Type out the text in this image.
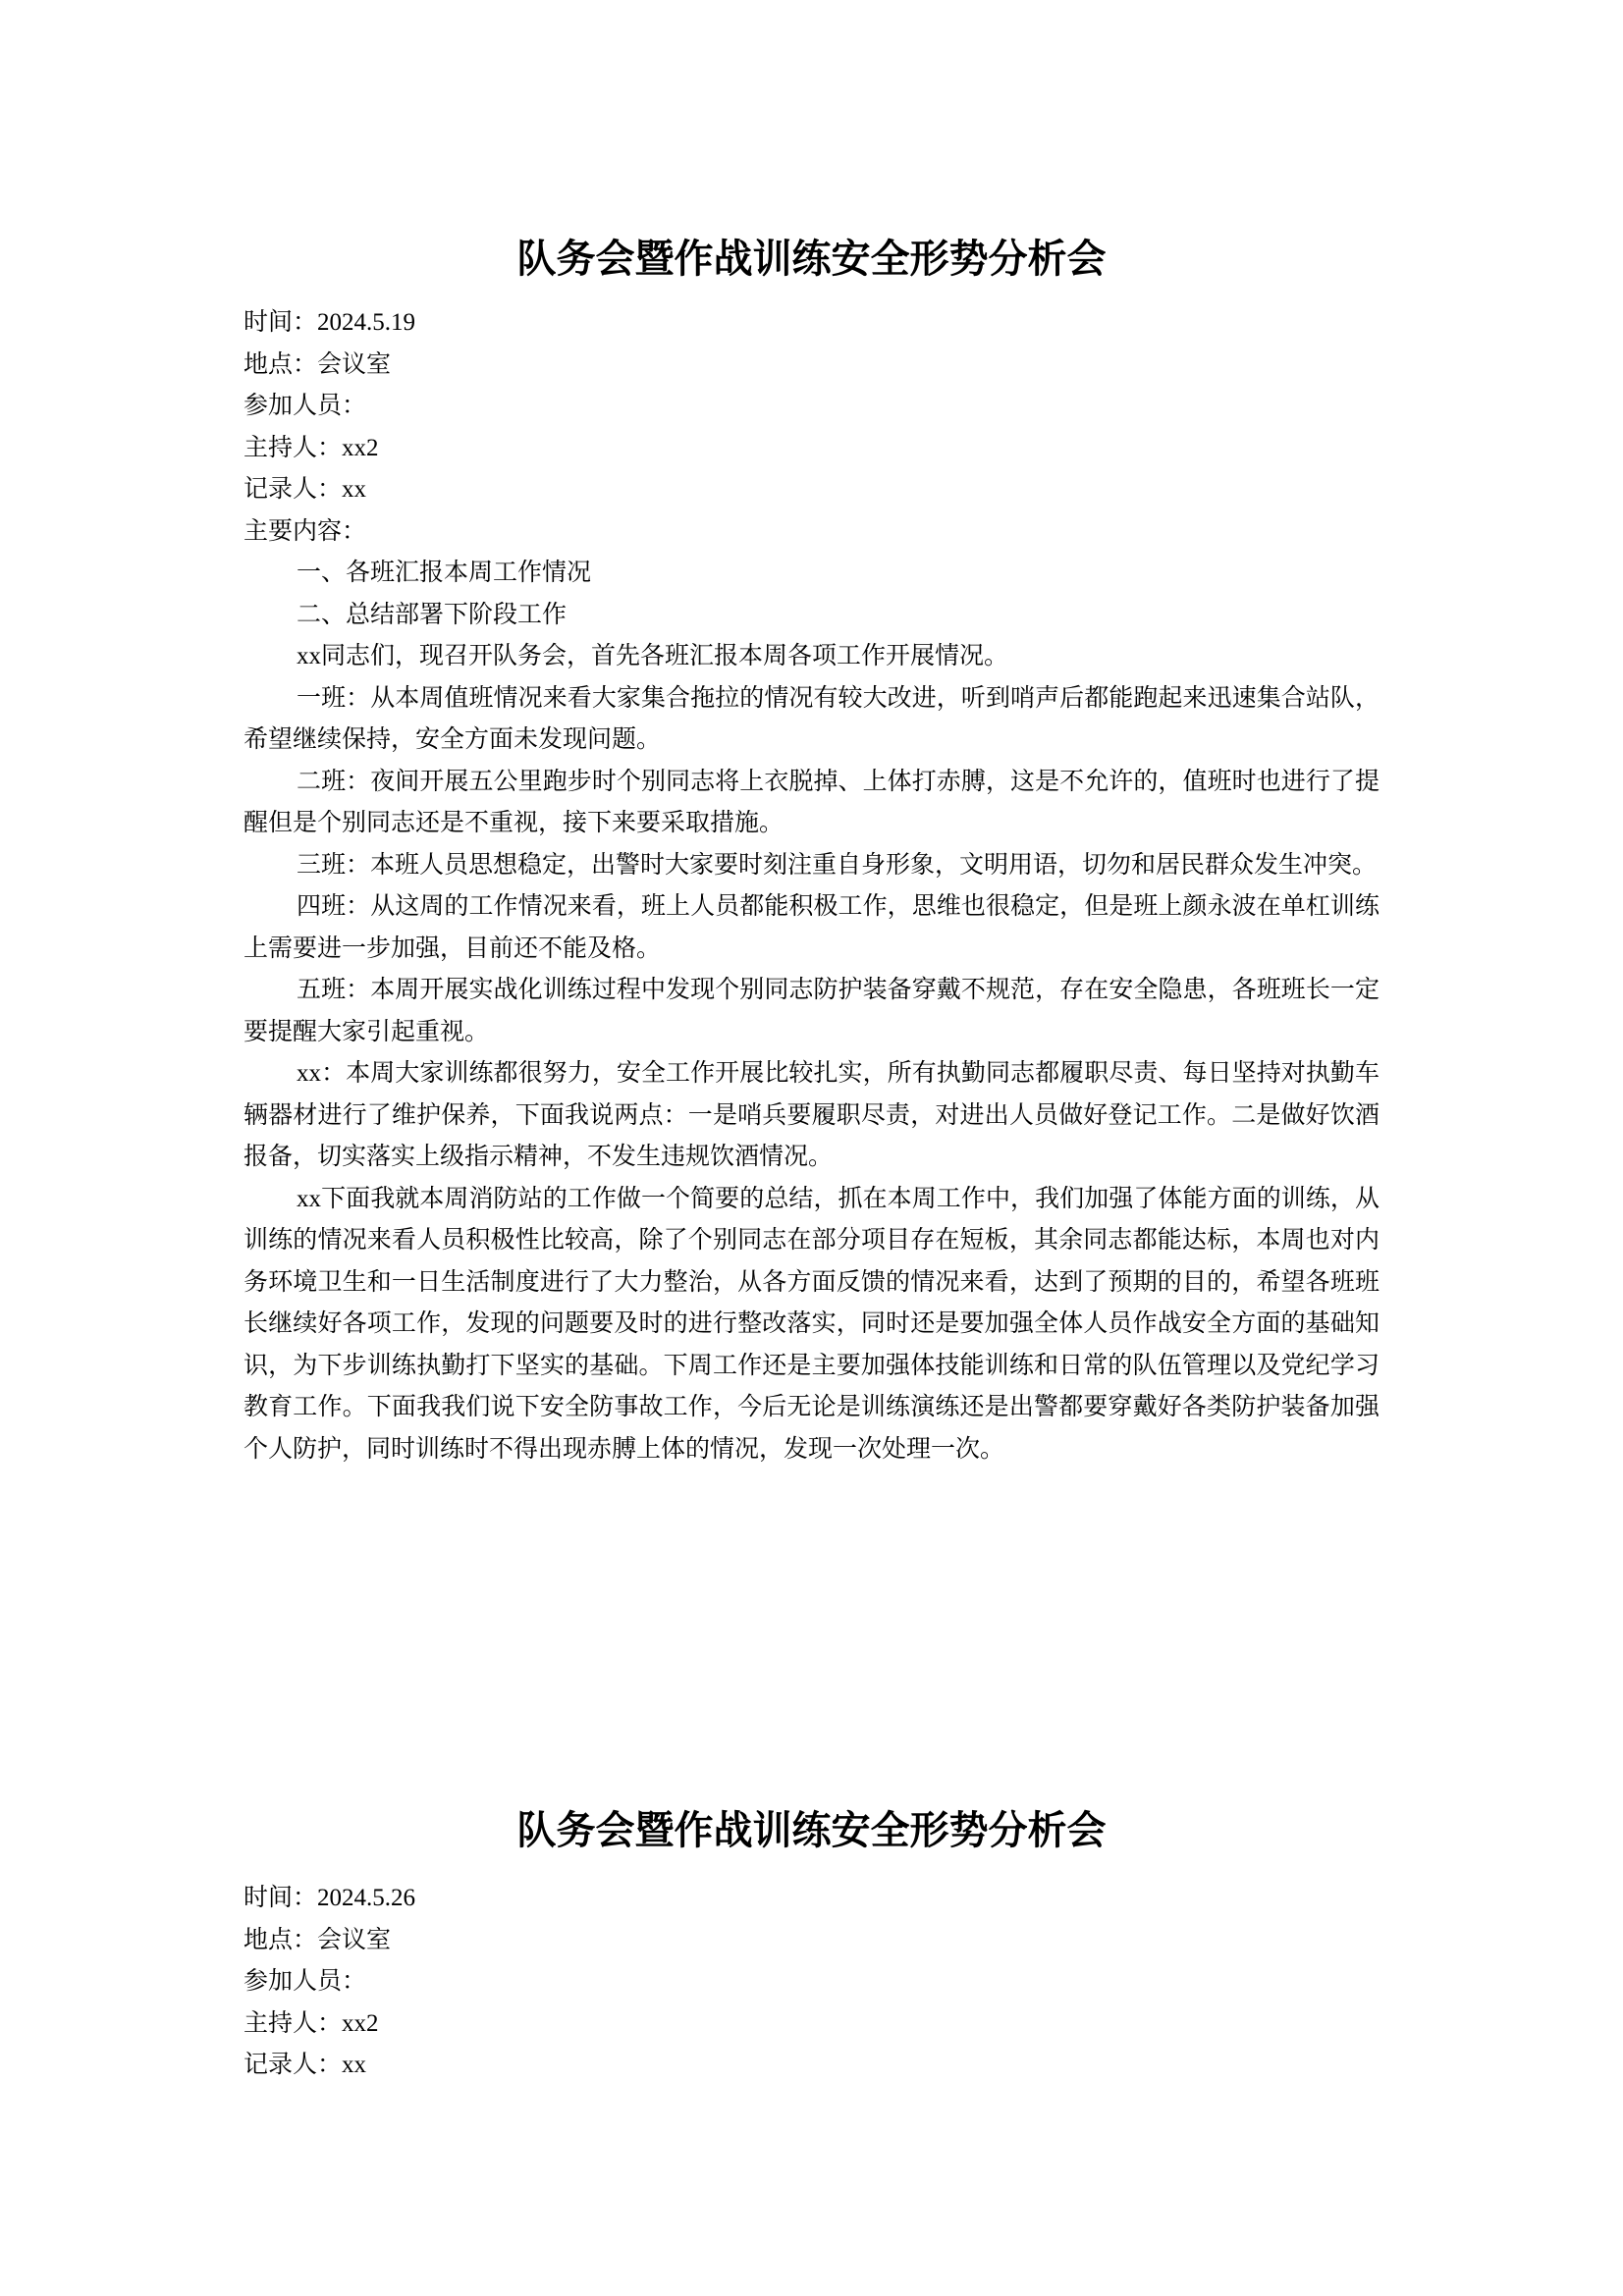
队务会暨作战训练安全形势分析会

时间：2024.5.19

地点：会议室

参加人员：

主持人：xx2

记录人：xx

主要内容：

一、各班汇报本周工作情况

二、总结部署下阶段工作

xx同志们，现召开队务会，首先各班汇报本周各项工作开展情况。

一班：从本周值班情况来看大家集合拖拉的情况有较大改进，听到哨声后都能跑起来迅速集合站队，希望继续保持，安全方面未发现问题。

二班：夜间开展五公里跑步时个别同志将上衣脱掉、上体打赤膊，这是不允许的，值班时也进行了提醒但是个别同志还是不重视，接下来要采取措施。

三班：本班人员思想稳定，出警时大家要时刻注重自身形象，文明用语，切勿和居民群众发生冲突。

四班：从这周的工作情况来看，班上人员都能积极工作，思维也很稳定，但是班上颜永波在单杠训练上需要进一步加强，目前还不能及格。

五班：本周开展实战化训练过程中发现个别同志防护装备穿戴不规范，存在安全隐患，各班班长一定要提醒大家引起重视。

xx：本周大家训练都很努力，安全工作开展比较扎实，所有执勤同志都履职尽责、每日坚持对执勤车辆器材进行了维护保养，下面我说两点：一是哨兵要履职尽责，对进出人员做好登记工作。二是做好饮酒报备，切实落实上级指示精神，不发生违规饮酒情况。

xx下面我就本周消防站的工作做一个简要的总结，抓在本周工作中，我们加强了体能方面的训练，从训练的情况来看人员积极性比较高，除了个别同志在部分项目存在短板，其余同志都能达标，本周也对内务环境卫生和一日生活制度进行了大力整治，从各方面反馈的情况来看，达到了预期的目的，希望各班班长继续好各项工作，发现的问题要及时的进行整改落实，同时还是要加强全体人员作战安全方面的基础知识，为下步训练执勤打下坚实的基础。下周工作还是主要加强体技能训练和日常的队伍管理以及党纪学习教育工作。下面我我们说下安全防事故工作，今后无论是训练演练还是出警都要穿戴好各类防护装备加强个人防护，同时训练时不得出现赤膊上体的情况，发现一次处理一次。

队务会暨作战训练安全形势分析会

时间：2024.5.26

地点：会议室

参加人员：

主持人：xx2

记录人：xx
